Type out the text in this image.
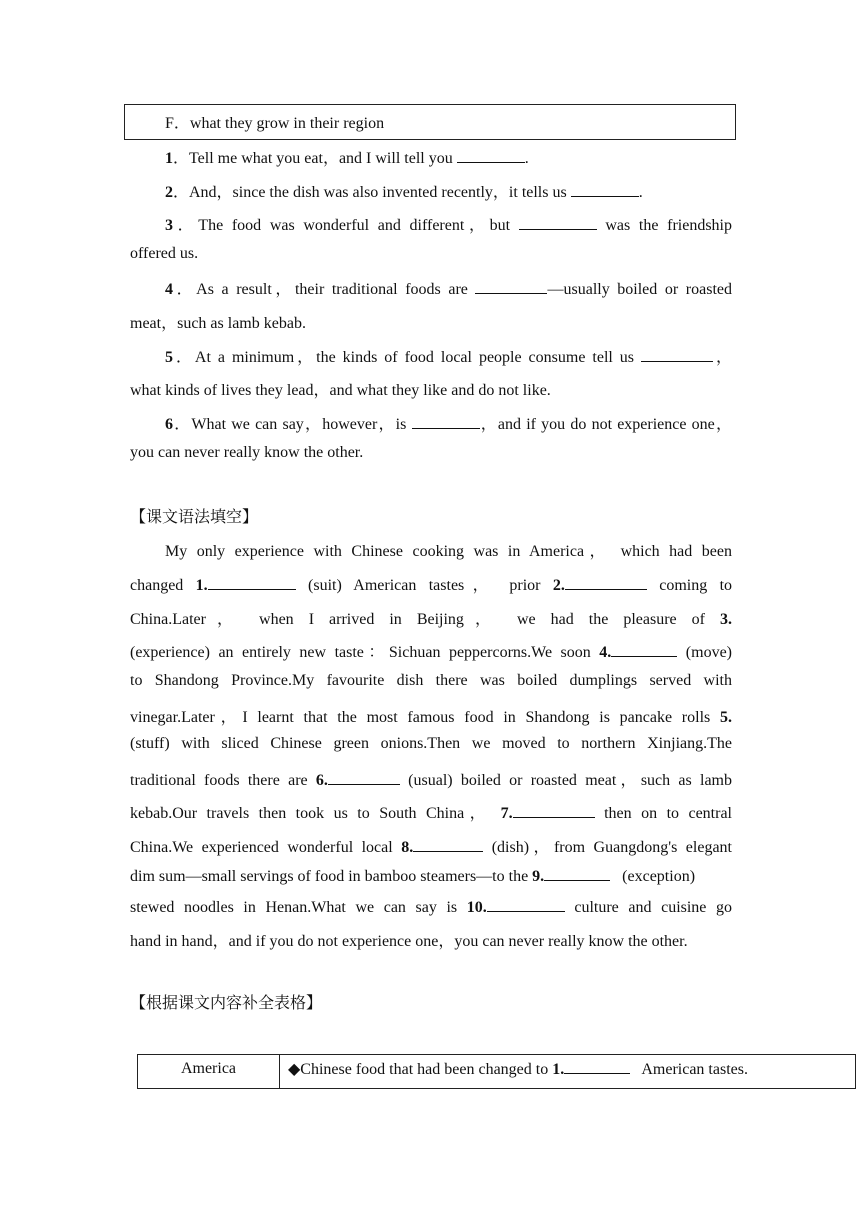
F．what they grow in their region
1．Tell me what you eat，and I will tell you	.
2．And，since the dish was also invented recently，it tells us	.
3．The food was wonderful and different，but	was the friendship
offered us.
4．As a result，their traditional foods are	—usually boiled or roasted
meat，such as lamb kebab.
5．At a minimum，the kinds of food local people consume tell us	，
what kinds of lives they lead，and what they like and do not like.
6．What we can say，however，is	，and if you do not experience one，
you can never really know the other.
【课文语法填空】
My only experience with Chinese cooking was in America， which had been
changed 1.	(suit) American tastes， prior 2.	coming to
China.Later， when I arrived in Beijing， we had the pleasure of 3.
(experience) an entirely new taste：Sichuan peppercorns.We soon 4.	(move)
to Shandong Province.My favourite dish there was boiled dumplings served with
vinegar.Later，I learnt that the most famous food in Shandong is pancake rolls 5.
(stuff) with sliced Chinese green onions.Then we moved to northern Xinjiang.The
traditional foods there are 6.	(usual) boiled or roasted meat，such as lamb
kebab.Our travels then took us to South China， 7.	then on to central
China.We experienced wonderful local 8.	(dish)，from Guangdong's elegant
dim sum—small servings of food in bamboo steamers—to the 9.	(exception)
stewed noodles in Henan.What we can say is 10.	culture and cuisine go
hand in hand，and if you do not experience one，you can never really know the other.
【根据课文内容补全表格】
America	◆Chinese food that had been changed to 1.	American tastes.
